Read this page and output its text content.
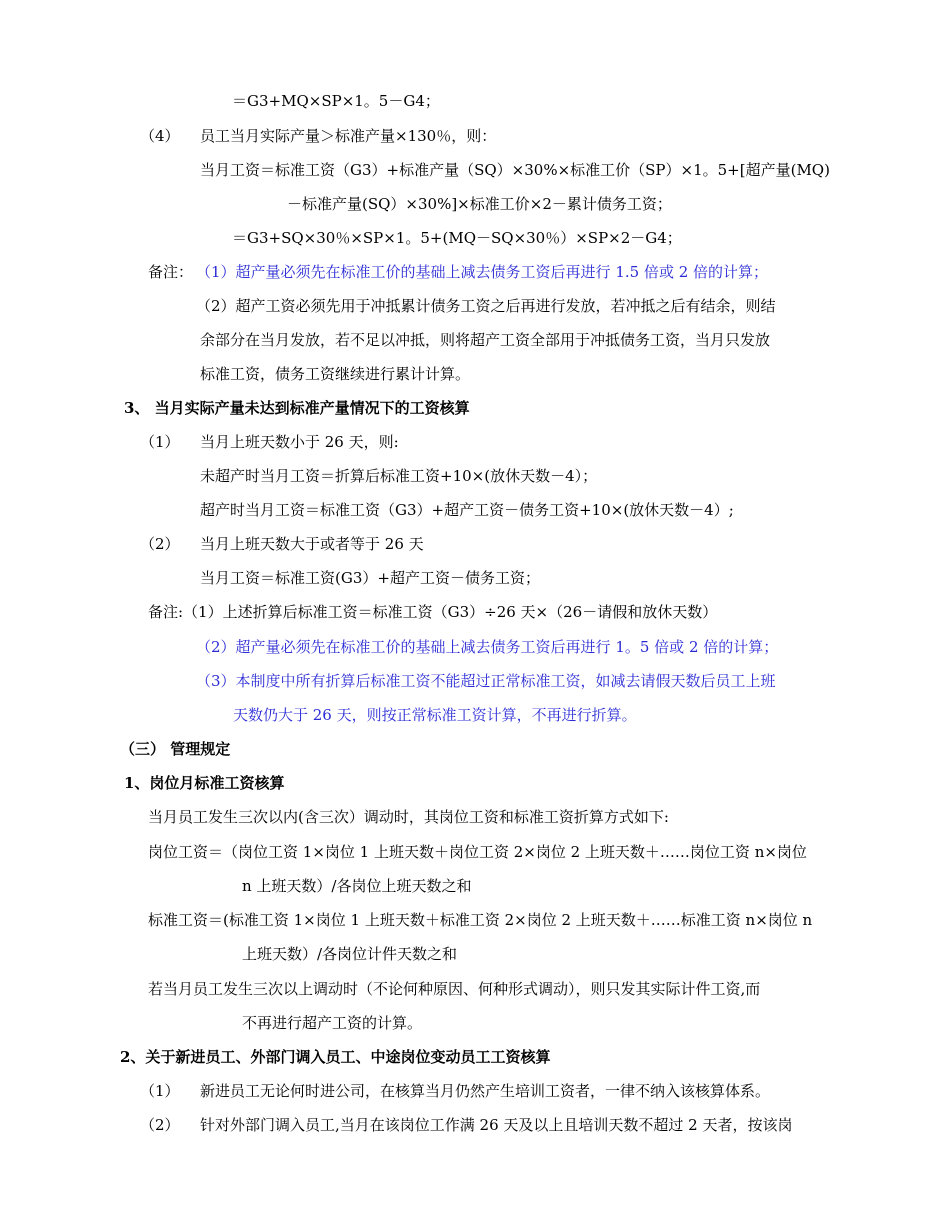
＝G3+MQ×SP×1。5－G4；
（4） 员工当月实际产量＞标准产量×130％，则：
当月工资＝标准工资（G3）+标准产量（SQ）×30%×标准工价（SP）×1。5+[超产量(MQ)
－标准产量(SQ）×30%]×标准工价×2－累计债务工资；
＝G3+SQ×30％×SP×1。5+(MQ－SQ×30％）×SP×2－G4；
备注： （1）超产量必须先在标准工价的基础上减去债务工资后再进行 1.5 倍或 2 倍的计算；
（2）超产工资必须先用于冲抵累计债务工资之后再进行发放，若冲抵之后有结余，则结
余部分在当月发放，若不足以冲抵，则将超产工资全部用于冲抵债务工资，当月只发放
标准工资，债务工资继续进行累计计算。
3、 当月实际产量未达到标准产量情况下的工资核算
（1） 当月上班天数小于 26 天，则:
未超产时当月工资＝折算后标准工资+10×(放休天数－4）；
超产时当月工资＝标准工资（G3）+超产工资－债务工资+10×(放休天数－4）;
（2） 当月上班天数大于或者等于 26 天
当月工资＝标准工资(G3）+超产工资－债务工资；
备注:（1）上述折算后标准工资＝标准工资（G3）÷26 天×（26－请假和放休天数）
（2）超产量必须先在标准工价的基础上减去债务工资后再进行 1。5 倍或 2 倍的计算；
（3）本制度中所有折算后标准工资不能超过正常标准工资，如减去请假天数后员工上班
天数仍大于 26 天，则按正常标准工资计算，不再进行折算。
（三） 管理规定
1、岗位月标准工资核算
当月员工发生三次以内(含三次）调动时，其岗位工资和标准工资折算方式如下:
岗位工资＝（岗位工资 1×岗位 1 上班天数＋岗位工资 2×岗位 2 上班天数＋……岗位工资 n×岗位
n 上班天数）/各岗位上班天数之和
标准工资＝(标准工资 1×岗位 1 上班天数＋标准工资 2×岗位 2 上班天数＋……标准工资 n×岗位 n
上班天数）/各岗位计件天数之和
若当月员工发生三次以上调动时（不论何种原因、何种形式调动），则只发其实际计件工资,而
不再进行超产工资的计算。
2、关于新进员工、外部门调入员工、中途岗位变动员工工资核算
（1） 新进员工无论何时进公司，在核算当月仍然产生培训工资者，一律不纳入该核算体系。
（2） 针对外部门调入员工,当月在该岗位工作满 26 天及以上且培训天数不超过 2 天者，按该岗
